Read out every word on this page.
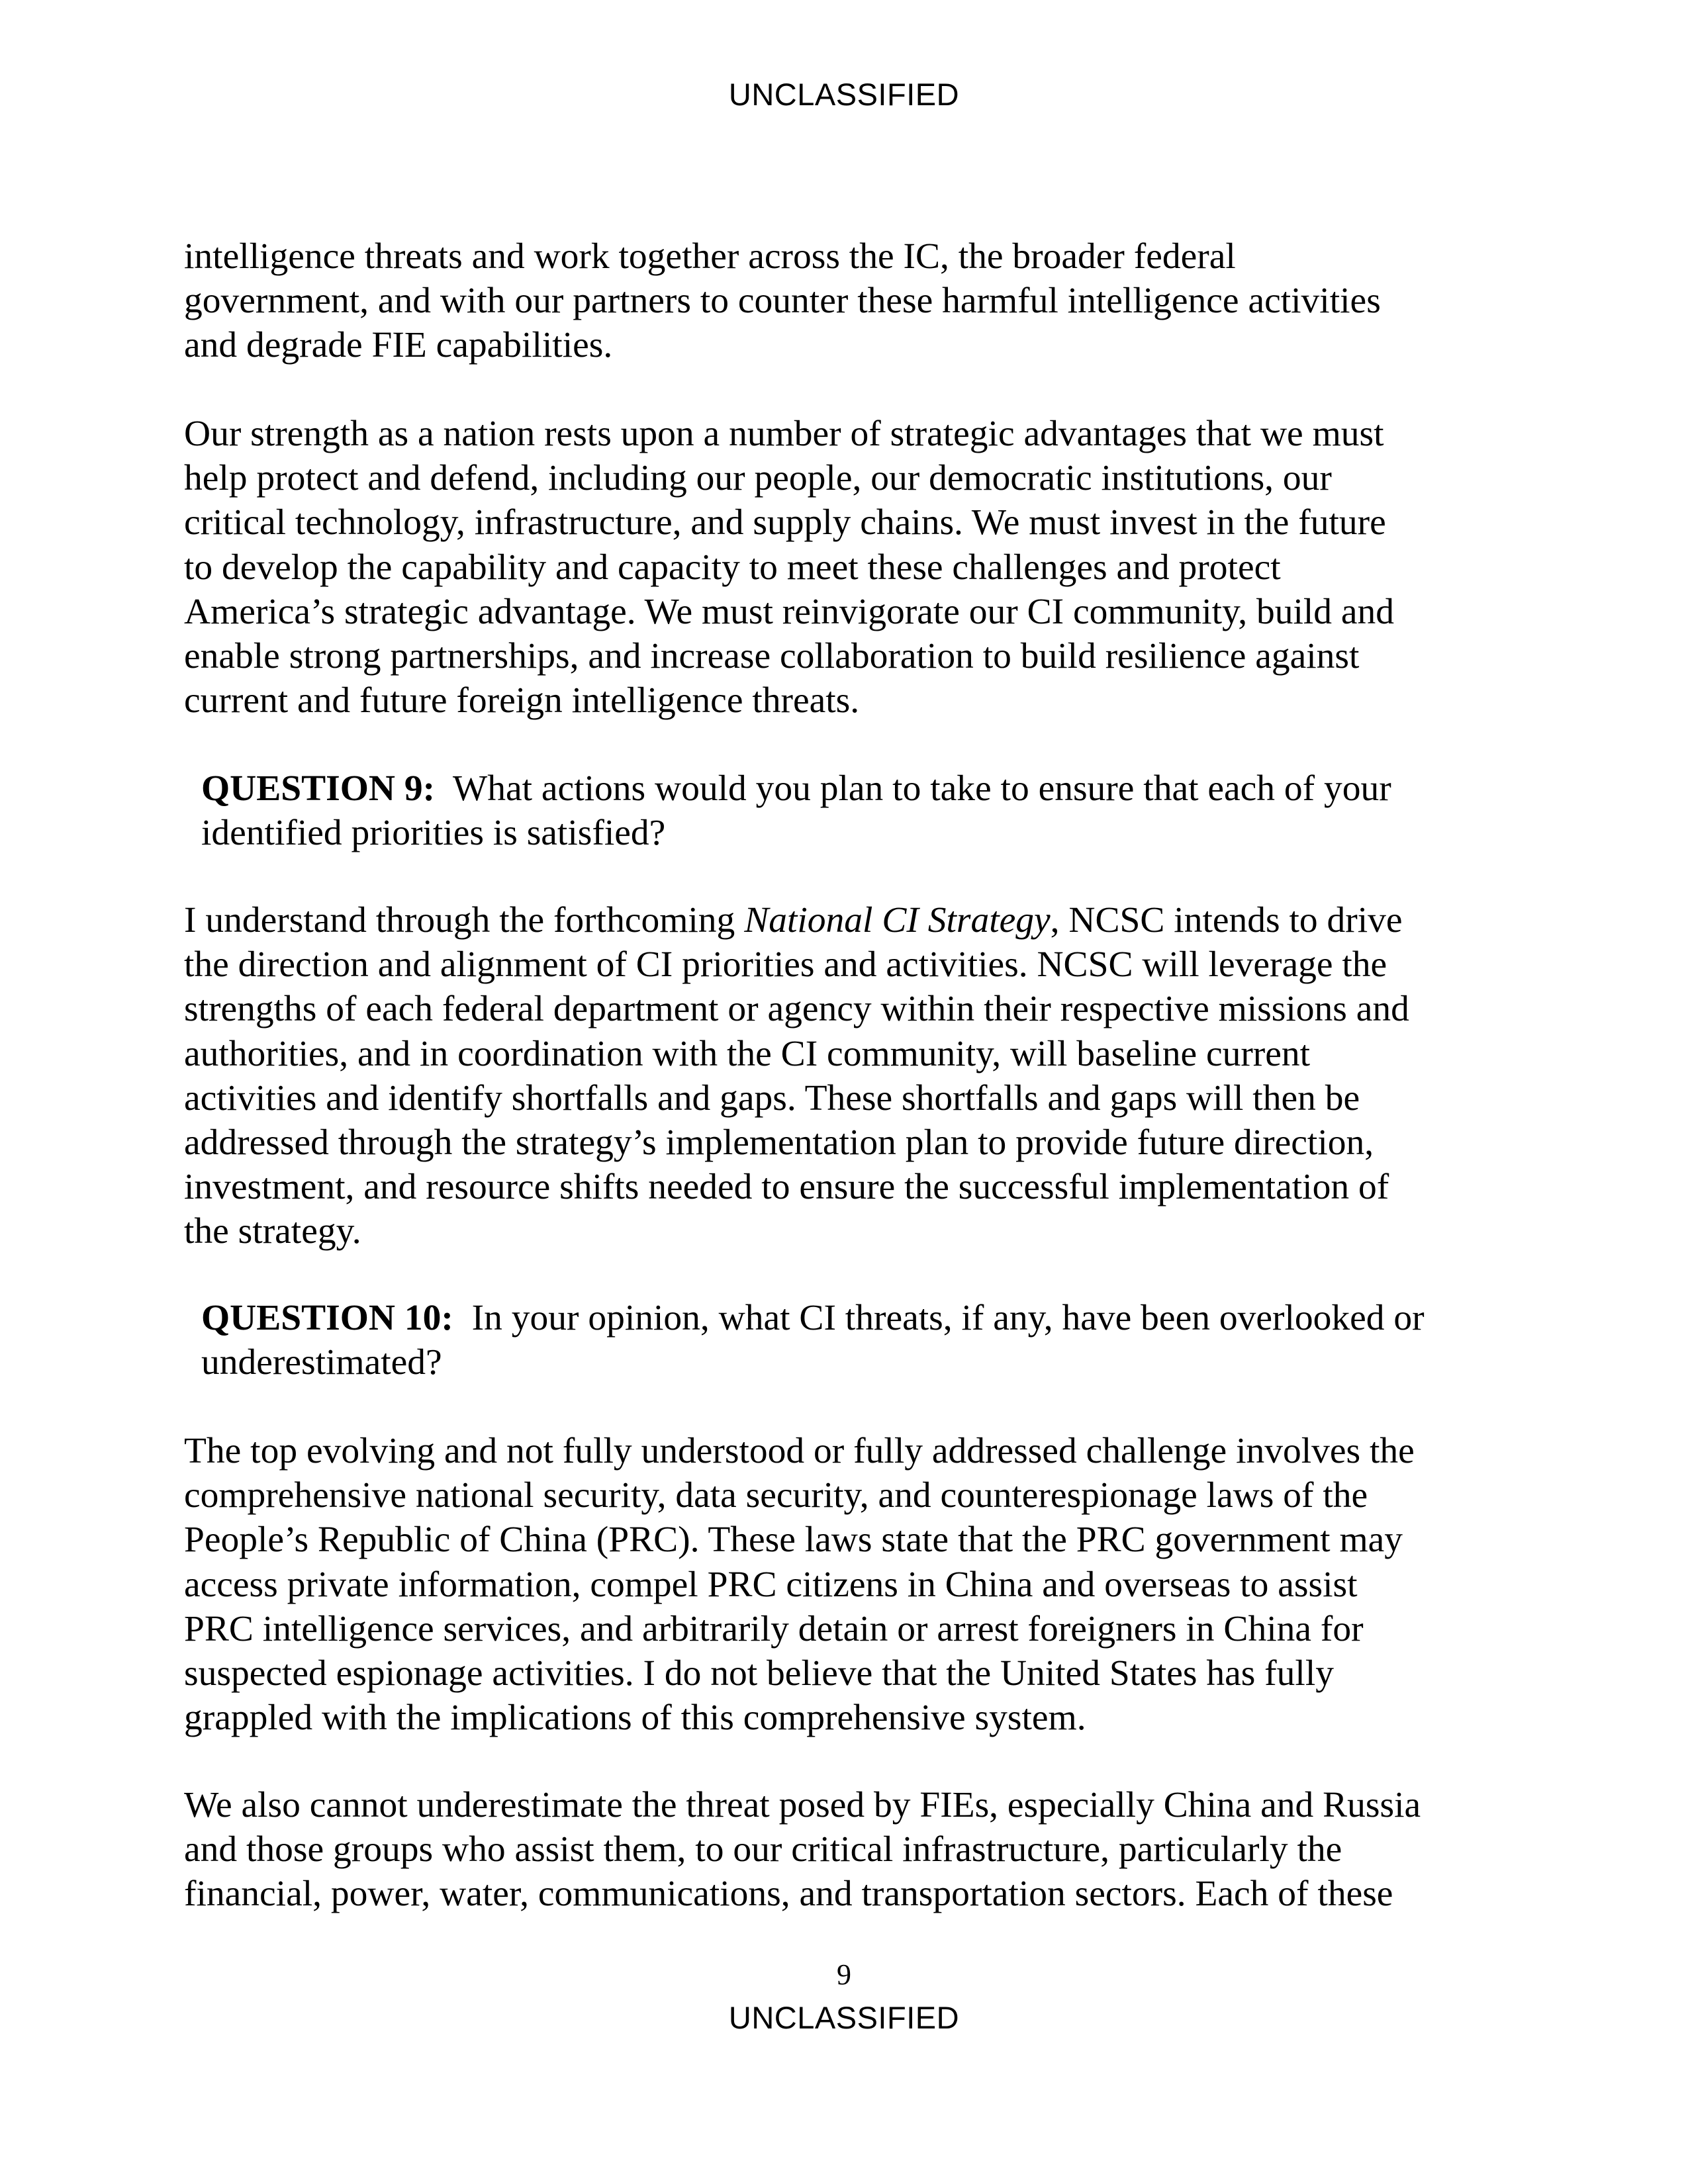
UNCLASSIFIED
intelligence threats and work together across the IC, the broader federal
government, and with our partners to counter these harmful intelligence activities
and degrade FIE capabilities.
Our strength as a nation rests upon a number of strategic advantages that we must
help protect and defend, including our people, our democratic institutions, our
critical technology, infrastructure, and supply chains. We must invest in the future
to develop the capability and capacity to meet these challenges and protect
America’s strategic advantage. We must reinvigorate our CI community, build and
enable strong partnerships, and increase collaboration to build resilience against
current and future foreign intelligence threats.
QUESTION 9: What actions would you plan to take to ensure that each of your
identified priorities is satisfied?
I understand through the forthcoming National CI Strategy, NCSC intends to drive
the direction and alignment of CI priorities and activities. NCSC will leverage the
strengths of each federal department or agency within their respective missions and
authorities, and in coordination with the CI community, will baseline current
activities and identify shortfalls and gaps. These shortfalls and gaps will then be
addressed through the strategy’s implementation plan to provide future direction,
investment, and resource shifts needed to ensure the successful implementation of
the strategy.
QUESTION 10: In your opinion, what CI threats, if any, have been overlooked or
underestimated?
The top evolving and not fully understood or fully addressed challenge involves the
comprehensive national security, data security, and counterespionage laws of the
People’s Republic of China (PRC). These laws state that the PRC government may
access private information, compel PRC citizens in China and overseas to assist
PRC intelligence services, and arbitrarily detain or arrest foreigners in China for
suspected espionage activities. I do not believe that the United States has fully
grappled with the implications of this comprehensive system.
We also cannot underestimate the threat posed by FIEs, especially China and Russia
and those groups who assist them, to our critical infrastructure, particularly the
financial, power, water, communications, and transportation sectors. Each of these
9
UNCLASSIFIED
